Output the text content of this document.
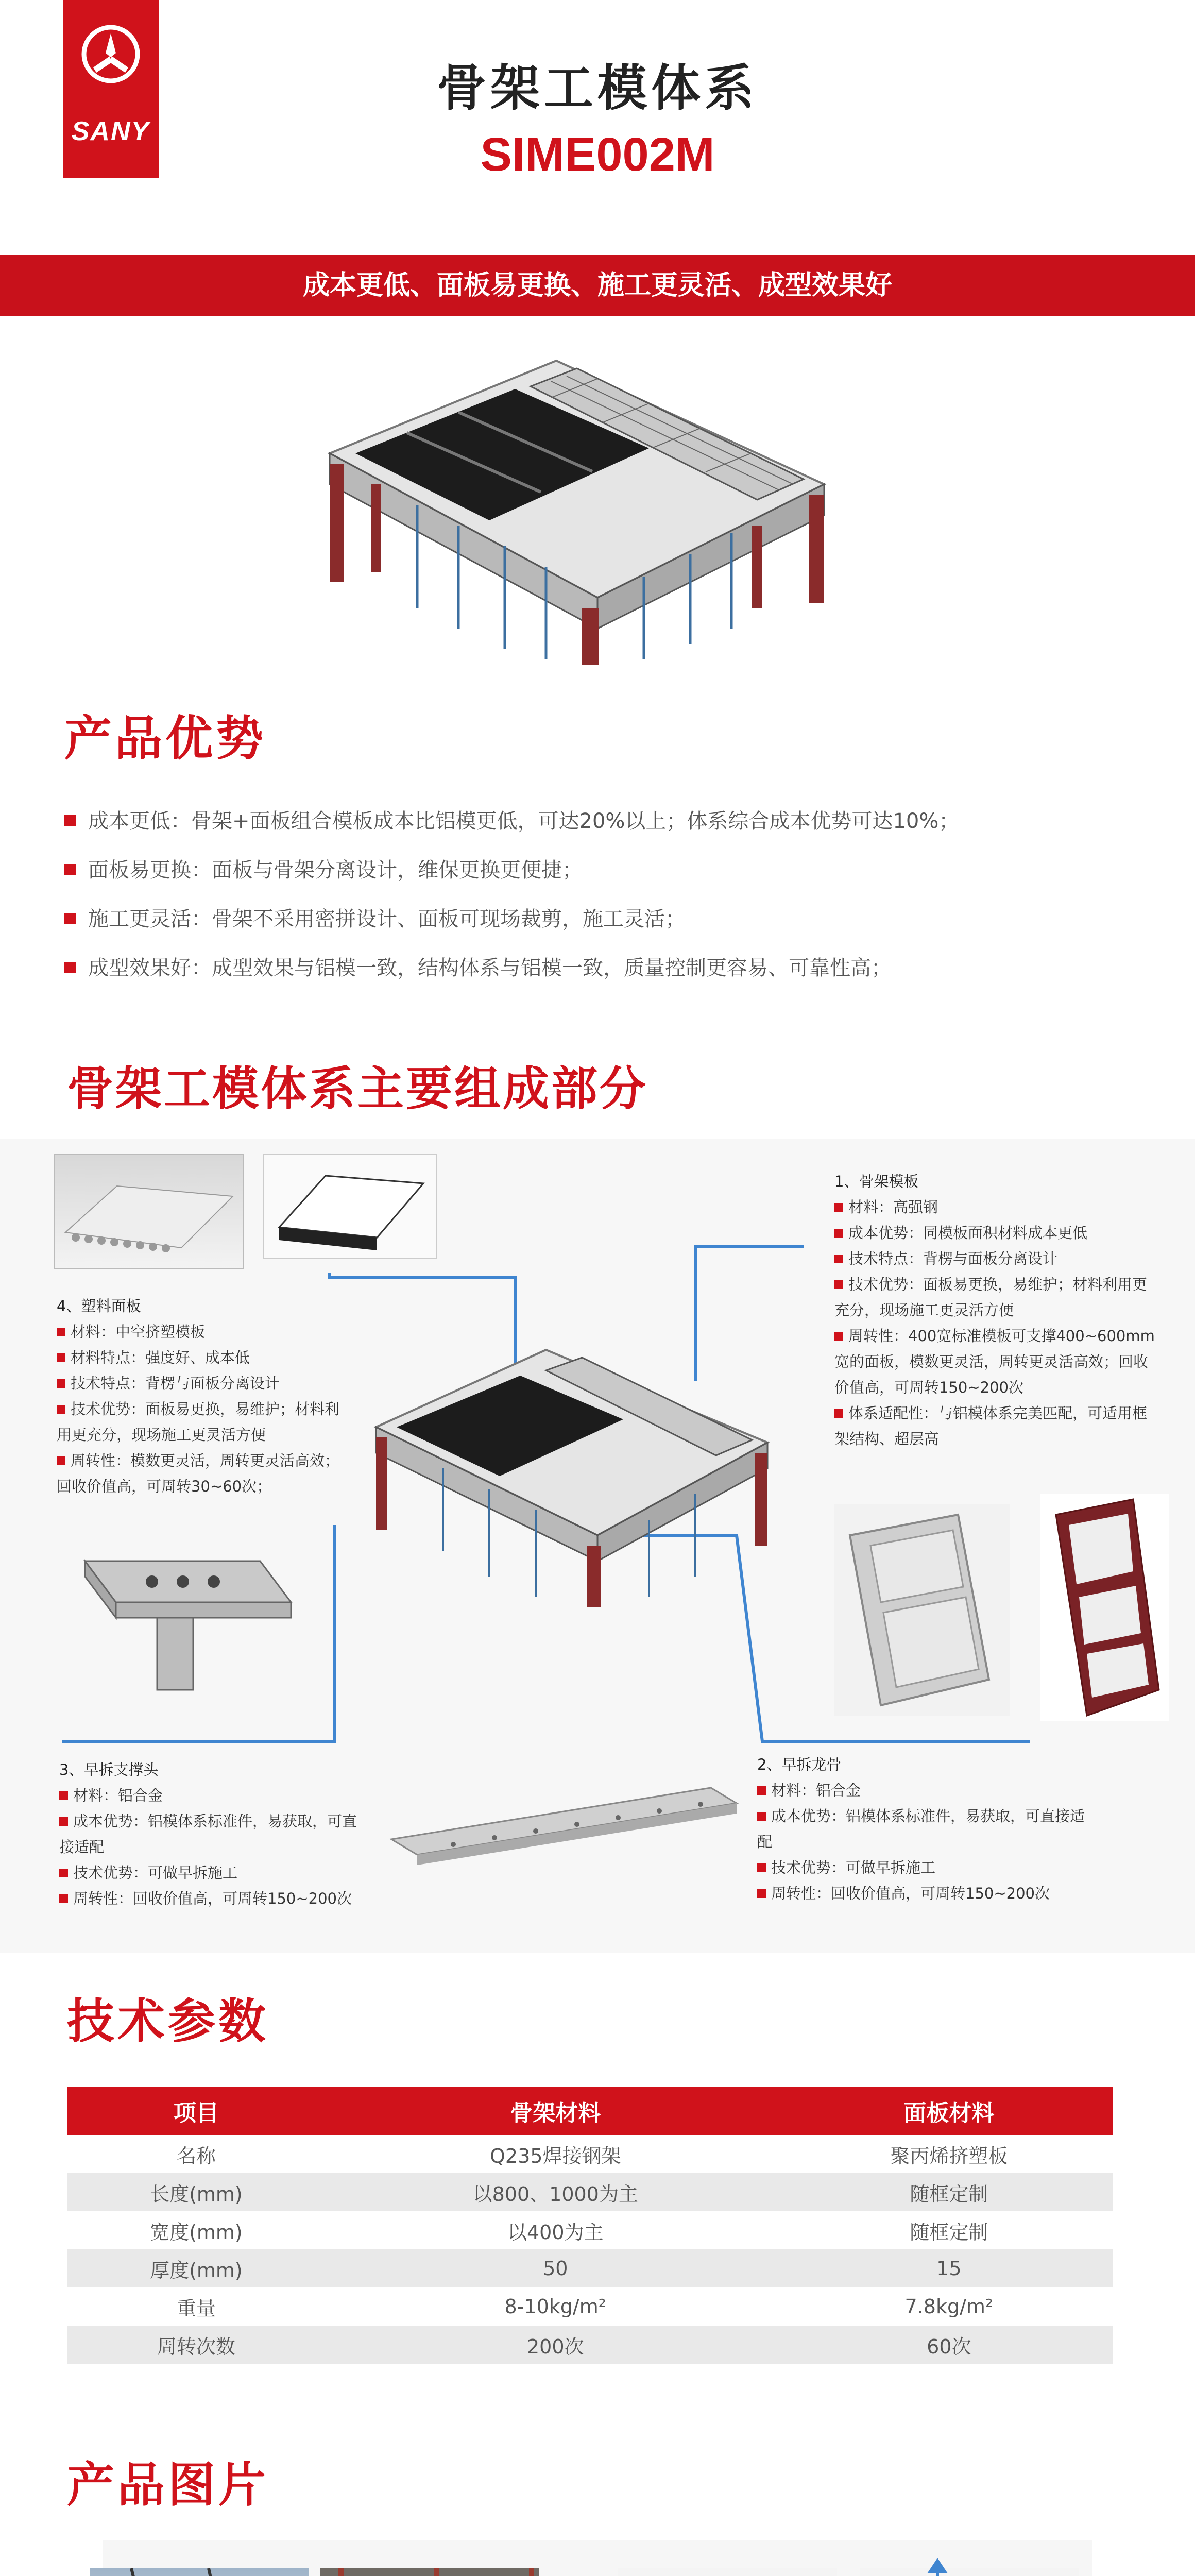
SANY
骨架工模体系
SIME002M
成本更低、面板易更换、施工更灵活、成型效果好
产品优势
成本更低：骨架+面板组合模板成本比铝模更低，可达20%以上；体系综合成本优势可达10%；
面板易更换：面板与骨架分离设计，维保更换更便捷；
施工更灵活：骨架不采用密拼设计、面板可现场裁剪，施工灵活；
成型效果好：成型效果与铝模一致，结构体系与铝模一致，质量控制更容易、可靠性高；
骨架工模体系主要组成部分
1、骨架模板
材料：高强钢
成本优势：同模板面积材料成本更低
技术特点：背楞与面板分离设计
技术优势：面板易更换，易维护；材料利用更充分，现场施工更灵活方便
周转性：400宽标准模板可支撑400~600mm宽的面板，模数更灵活，周转更灵活高效；回收价值高，可周转150~200次
体系适配性：与铝模体系完美匹配，可适用框架结构、超层高
4、塑料面板
材料：中空挤塑模板
材料特点：强度好、成本低
技术特点：背楞与面板分离设计
技术优势：面板易更换，易维护；材料利用更充分，现场施工更灵活方便
周转性：模数更灵活，周转更灵活高效；回收价值高，可周转30~60次；
3、早拆支撑头
材料：铝合金
成本优势：铝模体系标准件，易获取，可直接适配
技术优势：可做早拆施工
周转性：回收价值高，可周转150~200次
2、早拆龙骨
材料：铝合金
成本优势：铝模体系标准件，易获取，可直接适配
技术优势：可做早拆施工
周转性：回收价值高，可周转150~200次
技术参数
项目	骨架材料	面板材料
名称	Q235焊接钢架	聚丙烯挤塑板
长度(mm)	以800、1000为主	随框定制
宽度(mm)	以400为主	随框定制
厚度(mm)	50	15
重量	8-10kg/m²	7.8kg/m²
周转次数	200次	60次
产品图片
